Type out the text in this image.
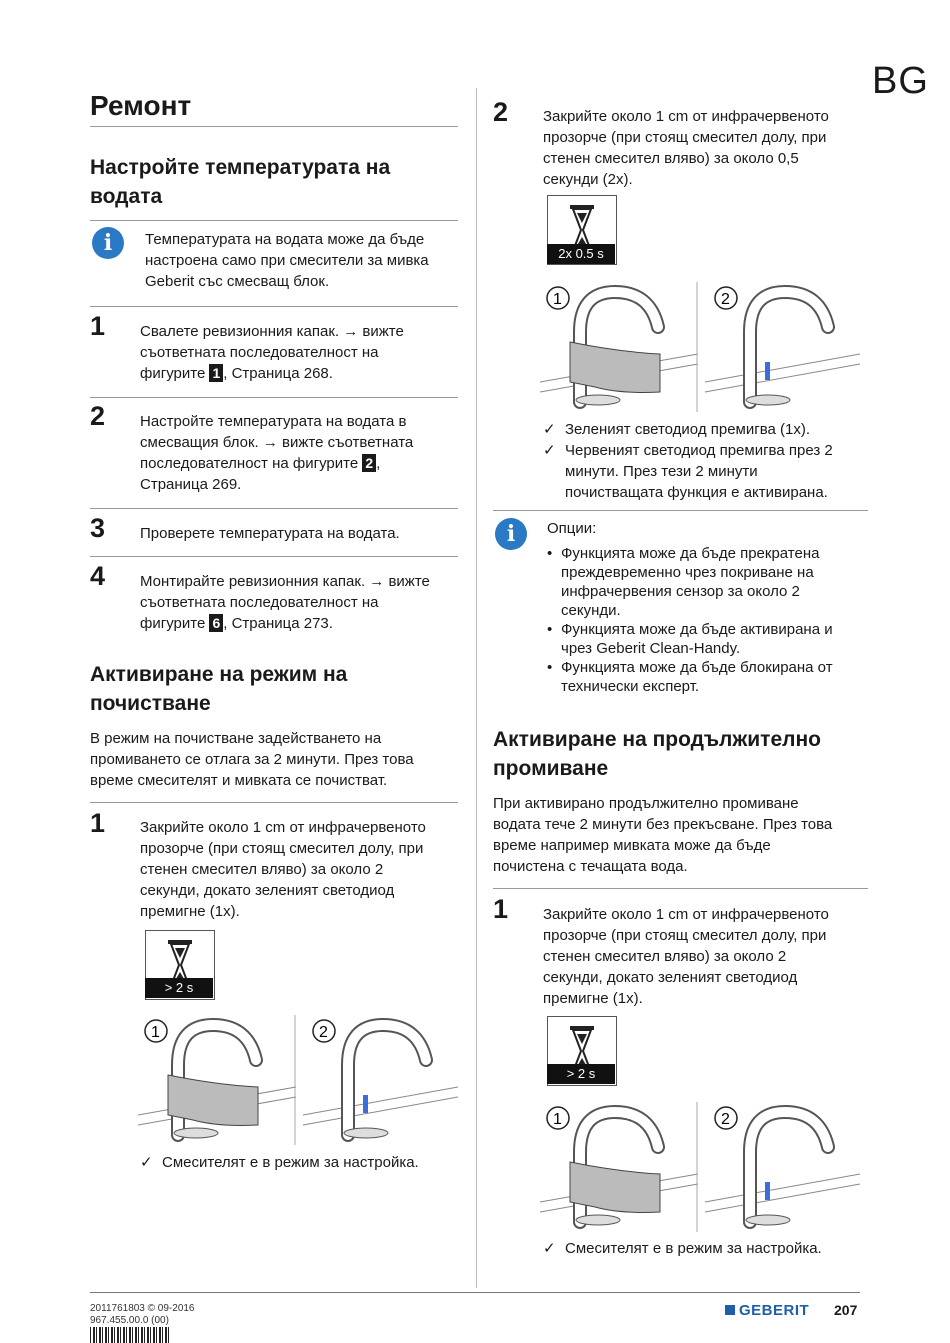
BG
Ремонт
Настройте температурата на
водата
i	Температурата на водата може да бъде
настроена само при смесители за мивка
Geberit със смесващ блок.
1 Свалете ревизионния капак. → вижте
съответната последователност на
фигурите 1 , Страница 268.
2 Настройте температурата на водата в
смесващия блок. → вижте съответната
последователност на фигурите 2 ,
Страница 269.
3 Проверете температурата на водата.
4 Монтирайте ревизионния капак. → вижте
съответната последователност на
фигурите 6 , Страница 273.
Активиране на режим на
почистване
В режим на почистване задействането на
промиването се отлага за 2 минути. През това
време смесителят и мивката се почистват.
1 Закрийте около 1 cm от инфрачервеното
прозорче (при стоящ смесител долу, при
стенен смесител вляво) за около 2
секунди, докато зеленият светодиод
премигне (1x).
> 2 s
1	2
✓ Смесителят е в режим за настройка.
2 Закрийте около 1 cm от инфрачервеното
прозорче (при стоящ смесител долу, при
стенен смесител вляво) за около 0,5
секунди (2x).
2x 0.5 s
1	2
✓ Зеленият светодиод премигва (1x).
✓ Червеният светодиод премигва през 2
минути. През тези 2 минути
почистващата функция е активирана.
i	Опции:
• Функцията може да бъде прекратена
преждевременно чрез покриване на
инфрачервения сензор за около 2
секунди.
• Функцията може да бъде активирана и
чрез Geberit Clean-Handy.
• Функцията може да бъде блокирана от
технически експерт.
Активиране на продължително
промиване
При активирано продължително промиване
водата тече 2 минути без прекъсване. През това
време например мивката може да бъде
почистена с течащата вода.
1 Закрийте около 1 cm от инфрачервеното
прозорче (при стоящ смесител долу, при
стенен смесител вляво) за около 2
секунди, докато зеленият светодиод
премигне (1x).
> 2 s
1	2
✓ Смесителят е в режим за настройка.
2011761803 © 09-2016
967.455.00.0 (00)
GEBERIT 207
